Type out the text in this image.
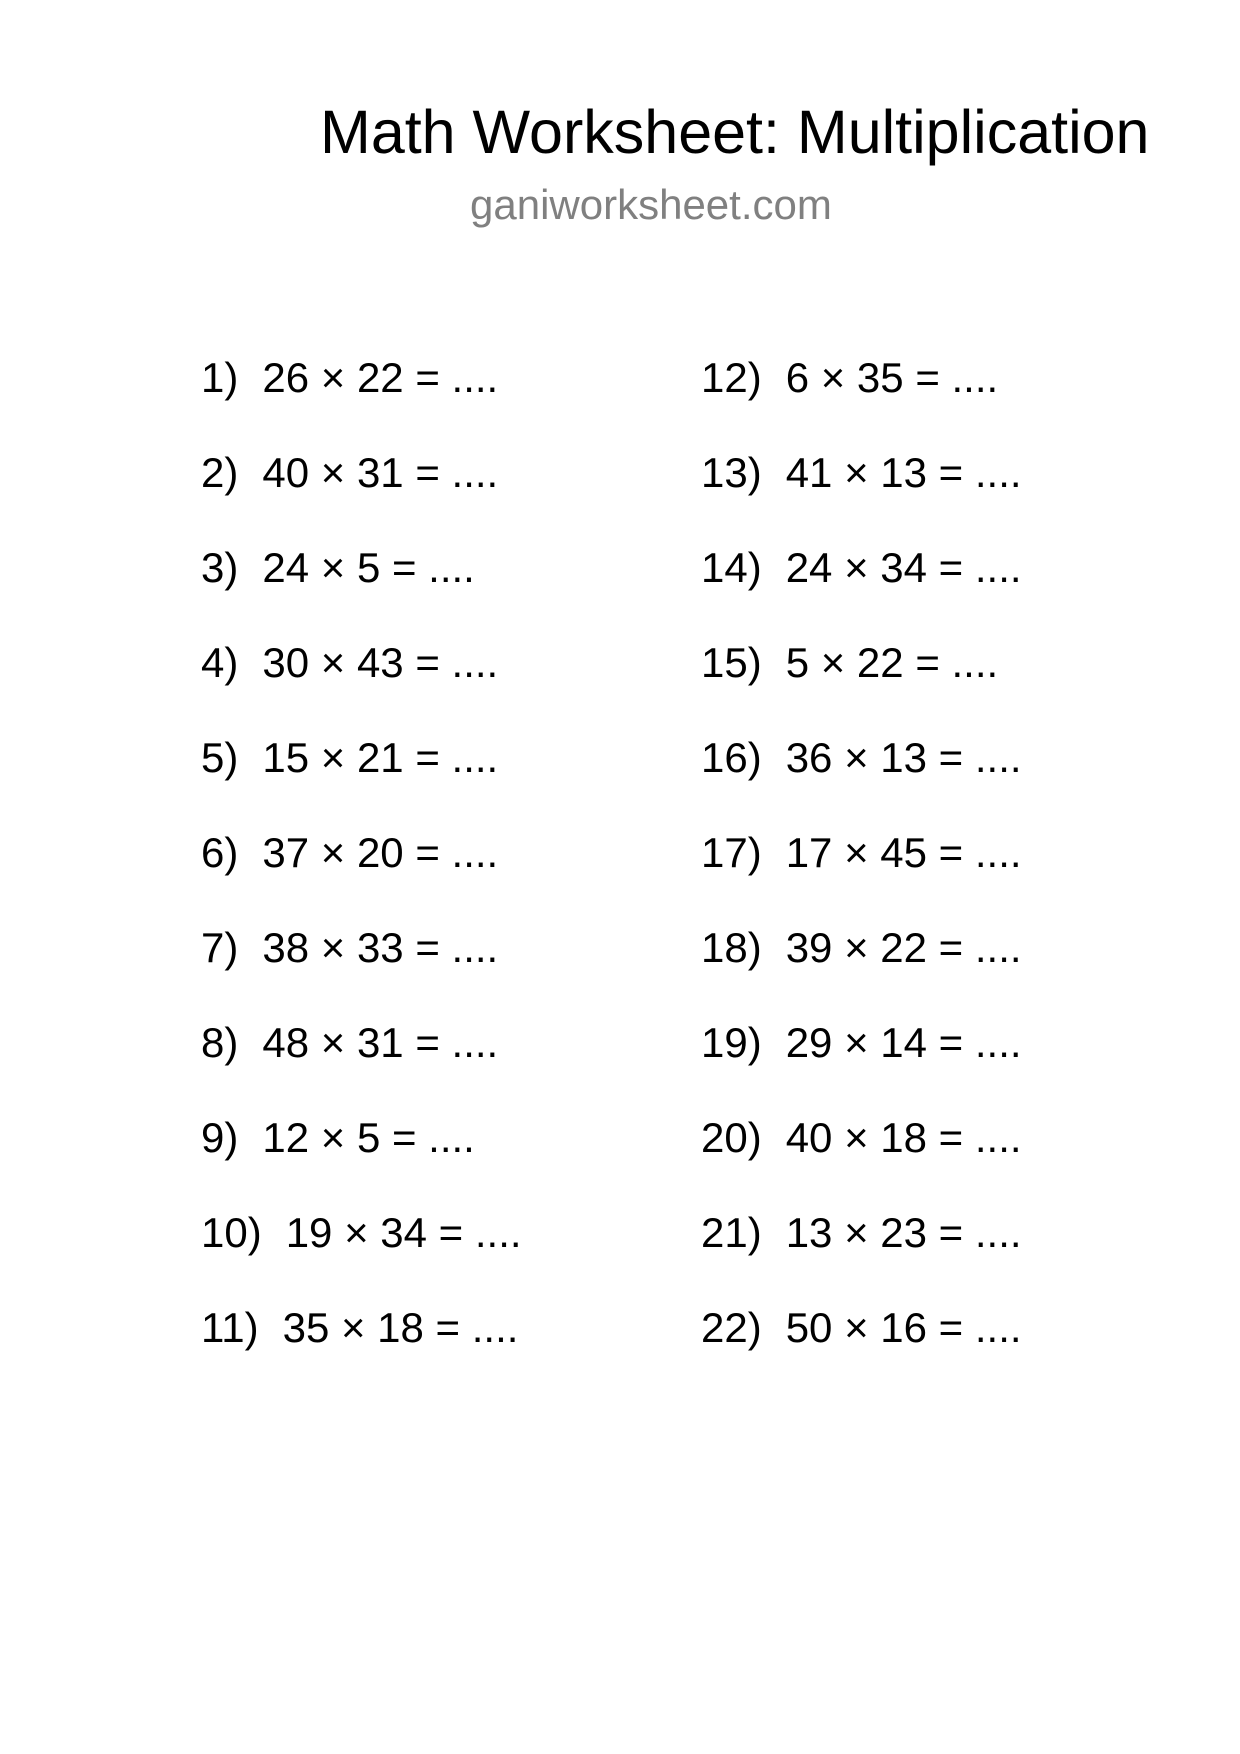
Math Worksheet: Multiplication
ganiworksheet.com
1) 26 × 22 = ....
2) 40 × 31 = ....
3) 24 × 5 = ....
4) 30 × 43 = ....
5) 15 × 21 = ....
6) 37 × 20 = ....
7) 38 × 33 = ....
8) 48 × 31 = ....
9) 12 × 5 = ....
10) 19 × 34 = ....
11) 35 × 18 = ....
12) 6 × 35 = ....
13) 41 × 13 = ....
14) 24 × 34 = ....
15) 5 × 22 = ....
16) 36 × 13 = ....
17) 17 × 45 = ....
18) 39 × 22 = ....
19) 29 × 14 = ....
20) 40 × 18 = ....
21) 13 × 23 = ....
22) 50 × 16 = ....
